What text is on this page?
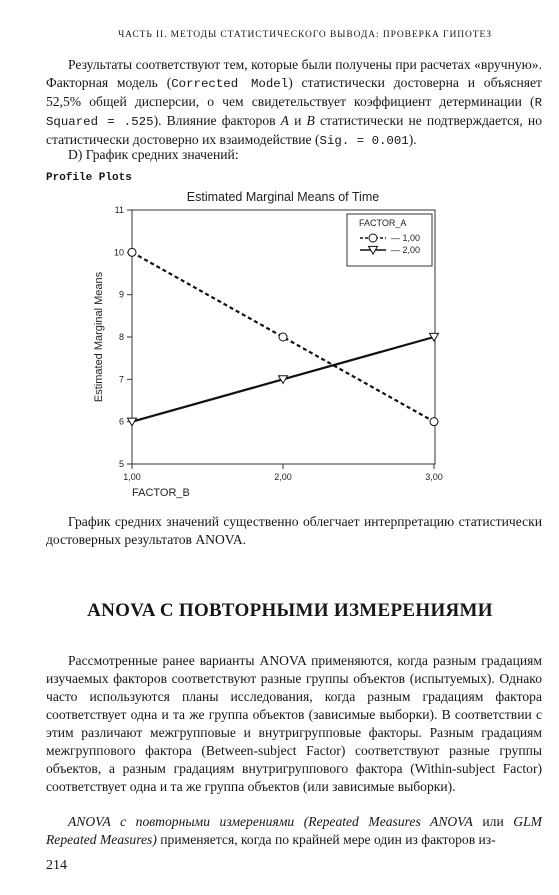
ЧАСТЬ II. МЕТОДЫ СТАТИСТИЧЕСКОГО ВЫВОДА: ПРОВЕРКА ГИПОТЕЗ

Результаты соответствуют тем, которые были получены при расчетах «вручную». Факторная модель (Corrected Model) статистически достоверна и объясняет 52,5% общей дисперсии, о чем свидетельствует коэффициент детерминации (R Squared = .525). Влияние факторов A и B статистически не подтверждается, но статистически достоверно их взаимодействие (Sig. = 0.001).

D) График средних значений:

Profile Plots
Estimated Marginal Means of Time
5
6
7
8
9
10
11
1,00	2,00	3,00
Estimated Marginal Means
FACTOR_B
FACTOR_A
— 1,00
— 2,00

График средних значений существенно облегчает интерпретацию статистически достоверных результатов ANOVA.

ANOVA С ПОВТОРНЫМИ ИЗМЕРЕНИЯМИ

Рассмотренные ранее варианты ANOVA применяются, когда разным градациям изучаемых факторов соответствуют разные группы объектов (испытуемых). Однако часто используются планы исследования, когда разным градациям фактора соответствует одна и та же группа объектов (зависимые выборки). В соответствии с этим различают межгрупповые и внутригрупповые факторы. Разным градациям межгруппового фактора (Between-subject Factor) соответствуют разные группы объектов, а разным градациям внутригруппового фактора (Within-subject Factor) соответствует одна и та же группа объектов (или зависимые выборки).

ANOVA с повторными измерениями (Repeated Measures ANOVA или GLM Repeated Measures) применяется, когда по крайней мере один из факторов из-

214
